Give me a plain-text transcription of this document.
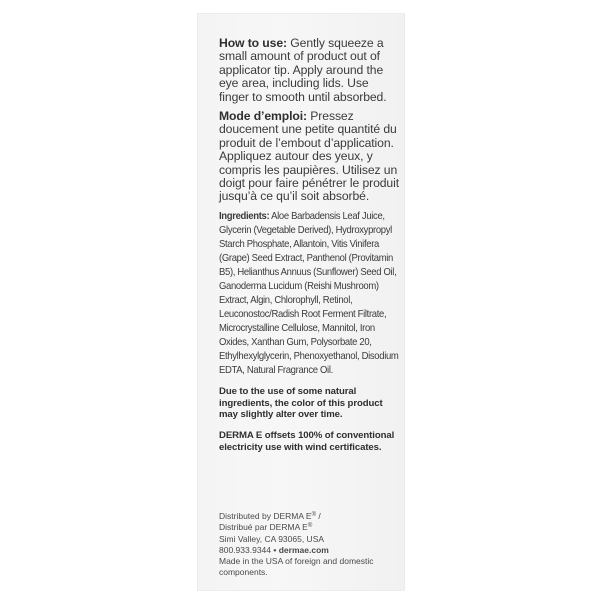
How to use: Gently squeeze a small amount of product out of applicator tip. Apply around the eye area, including lids. Use finger to smooth until absorbed.
Mode d’emploi: Pressez doucement une petite quantité du produit de l’embout d’application. Appliquez autour des yeux, y compris les paupières. Utilisez un doigt pour faire pénétrer le produit jusqu’à ce qu’il soit absorbé.
Ingredients: Aloe Barbadensis Leaf Juice, Glycerin (Vegetable Derived), Hydroxypropyl Starch Phosphate, Allantoin, Vitis Vinifera (Grape) Seed Extract, Panthenol (Provitamin B5), Helianthus Annuus (Sunflower) Seed Oil, Ganoderma Lucidum (Reishi Mushroom) Extract, Algin, Chlorophyll, Retinol, Leuconostoc/Radish Root Ferment Filtrate, Microcrystalline Cellulose, Mannitol, Iron Oxides, Xanthan Gum, Polysorbate 20, Ethylhexylglycerin, Phenoxyethanol, Disodium EDTA, Natural Fragrance Oil.
Due to the use of some natural ingredients, the color of this product may slightly alter over time.
DERMA E offsets 100% of conventional electricity use with wind certificates.
Distributed by DERMA E® /
Distribué par DERMA E®
Simi Valley, CA 93065, USA
800.933.9344 • dermae.com
Made in the USA of foreign and domestic components.
